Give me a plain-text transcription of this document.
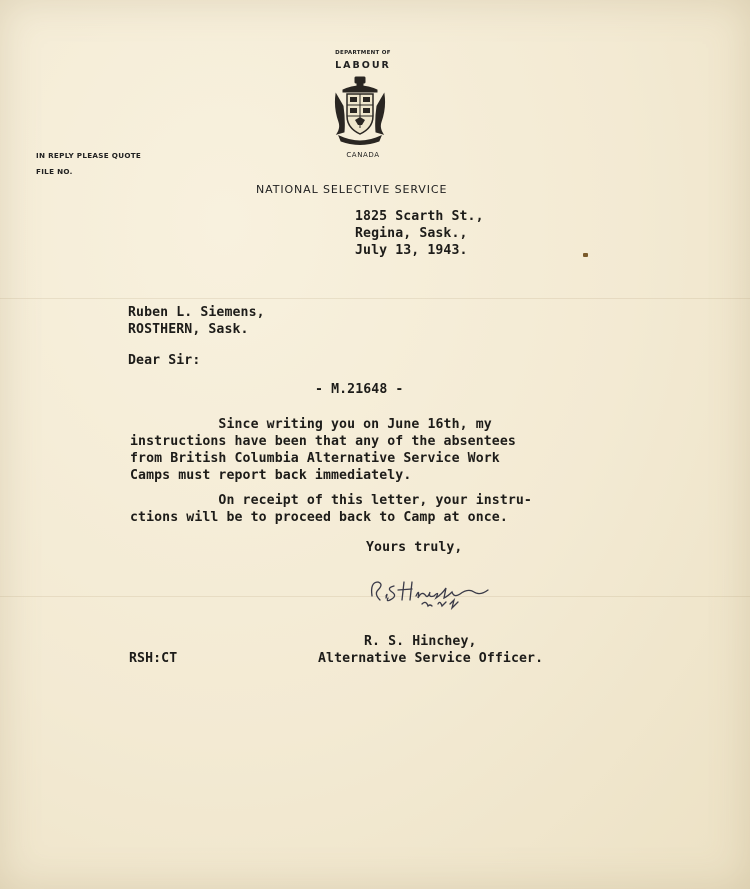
DEPARTMENT OF
LABOUR
CANADA
IN REPLY PLEASE QUOTE
FILE NO.
NATIONAL SELECTIVE SERVICE
1825 Scarth St.,
Regina, Sask.,
July 13, 1943.
Ruben L. Siemens,
ROSTHERN, Sask.
Dear Sir:
- M.21648 -
Since writing you on June 16th, my
instructions have been that any of the absentees
from British Columbia Alternative Service Work
Camps must report back immediately.
On receipt of this letter, your instru-
ctions will be to proceed back to Camp at once.
Yours truly,
R. S. Hinchey,
RSH:CT	Alternative Service Officer.
